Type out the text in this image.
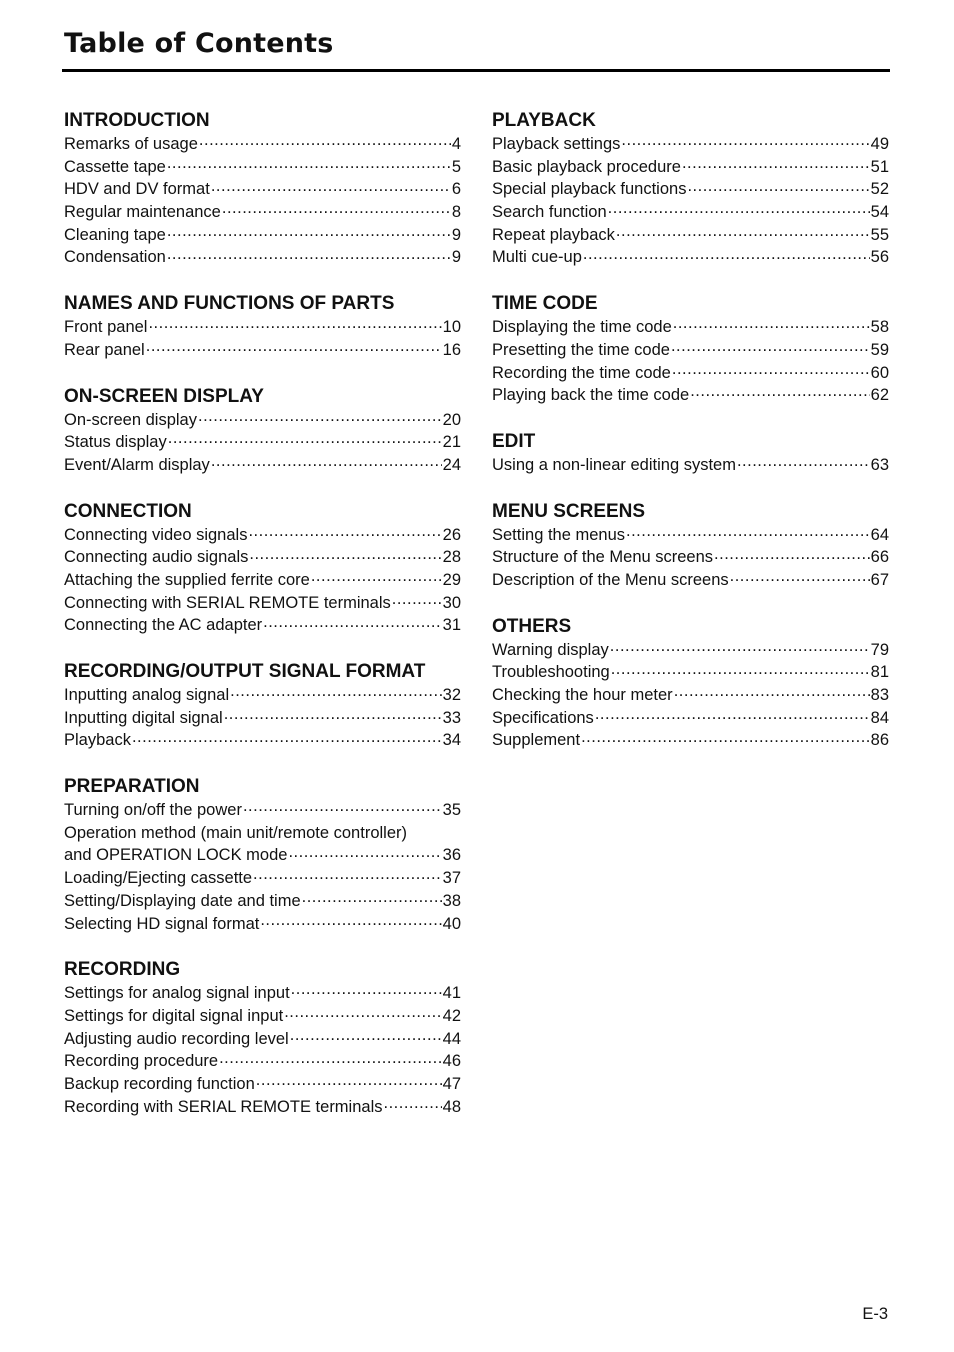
Table of Contents
INTRODUCTION
Remarks of usage .....	4
Cassette tape .....	5
HDV and DV format .....	6
Regular maintenance .....	8
Cleaning tape .....	9
Condensation .....	9
NAMES AND FUNCTIONS OF PARTS
Front panel .....	10
Rear panel .....	16
ON-SCREEN DISPLAY
On-screen display .....	20
Status display .....	21
Event/Alarm display .....	24
CONNECTION
Connecting video signals .....	26
Connecting audio signals .....	28
Attaching the supplied ferrite core .....	29
Connecting with SERIAL REMOTE terminals .....	30
Connecting the AC adapter .....	31
RECORDING/OUTPUT SIGNAL FORMAT
Inputting analog signal .....	32
Inputting digital signal .....	33
Playback .....	34
PREPARATION
Turning on/off the power .....	35
Operation method (main unit/remote controller)
and OPERATION LOCK mode .....	36
Loading/Ejecting cassette .....	37
Setting/Displaying date and time .....	38
Selecting HD signal format .....	40
RECORDING
Settings for analog signal input .....	41
Settings for digital signal input .....	42
Adjusting audio recording level .....	44
Recording procedure .....	46
Backup recording function .....	47
Recording with SERIAL REMOTE terminals .....	48
PLAYBACK
Playback settings .....	49
Basic playback procedure .....	51
Special playback functions .....	52
Search function .....	54
Repeat playback .....	55
Multi cue-up .....	56
TIME CODE
Displaying the time code .....	58
Presetting the time code .....	59
Recording the time code .....	60
Playing back the time code .....	62
EDIT
Using a non-linear editing system .....	63
MENU SCREENS
Setting the menus .....	64
Structure of the Menu screens .....	66
Description of the Menu screens .....	67
OTHERS
Warning display .....	79
Troubleshooting .....	81
Checking the hour meter .....	83
Specifications .....	84
Supplement .....	86
E-3
